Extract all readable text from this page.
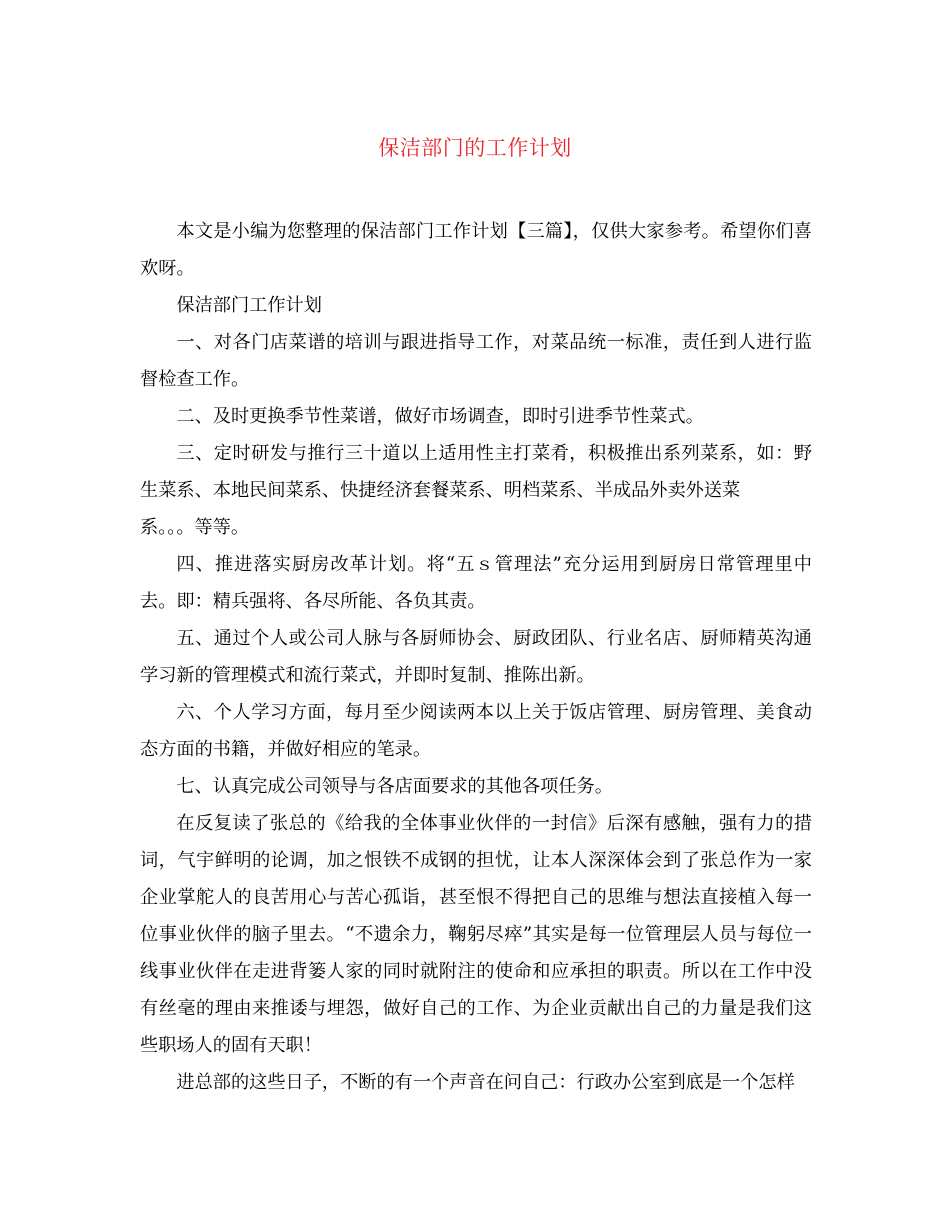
保洁部门的工作计划

本文是小编为您整理的保洁部门工作计划【三篇】，仅供大家参考。希望你们喜欢呀。

保洁部门工作计划

一、对各门店菜谱的培训与跟进指导工作，对菜品统一标准，责任到人进行监督检查工作。

二、及时更换季节性菜谱，做好市场调查，即时引进季节性菜式。

三、定时研发与推行三十道以上适用性主打菜肴，积极推出系列菜系，如：野生菜系、本地民间菜系、快捷经济套餐菜系、明档菜系、半成品外卖外送菜
系。。。等等。

四、推进落实厨房改革计划。将“五ｓ管理法”充分运用到厨房日常管理里中去。即：精兵强将、各尽所能、各负其责。

五、通过个人或公司人脉与各厨师协会、厨政团队、行业名店、厨师精英沟通学习新的管理模式和流行菜式，并即时复制、推陈出新。

六、个人学习方面，每月至少阅读两本以上关于饭店管理、厨房管理、美食动态方面的书籍，并做好相应的笔录。

七、认真完成公司领导与各店面要求的其他各项任务。

在反复读了张总的《给我的全体事业伙伴的一封信》后深有感触，强有力的措词，气宇鲜明的论调，加之恨铁不成钢的担忧，让本人深深体会到了张总作为一家企业掌舵人的良苦用心与苦心孤诣，甚至恨不得把自己的思维与想法直接植入每一位事业伙伴的脑子里去。“不遗余力，鞠躬尽瘁”其实是每一位管理层人员与每位一线事业伙伴在走进背篓人家的同时就附注的使命和应承担的职责。所以在工作中没有丝毫的理由来推诿与埋怨，做好自己的工作、为企业贡献出自己的力量是我们这些职场人的固有天职！

进总部的这些日子，不断的有一个声音在问自己：行政办公室到底是一个怎样
